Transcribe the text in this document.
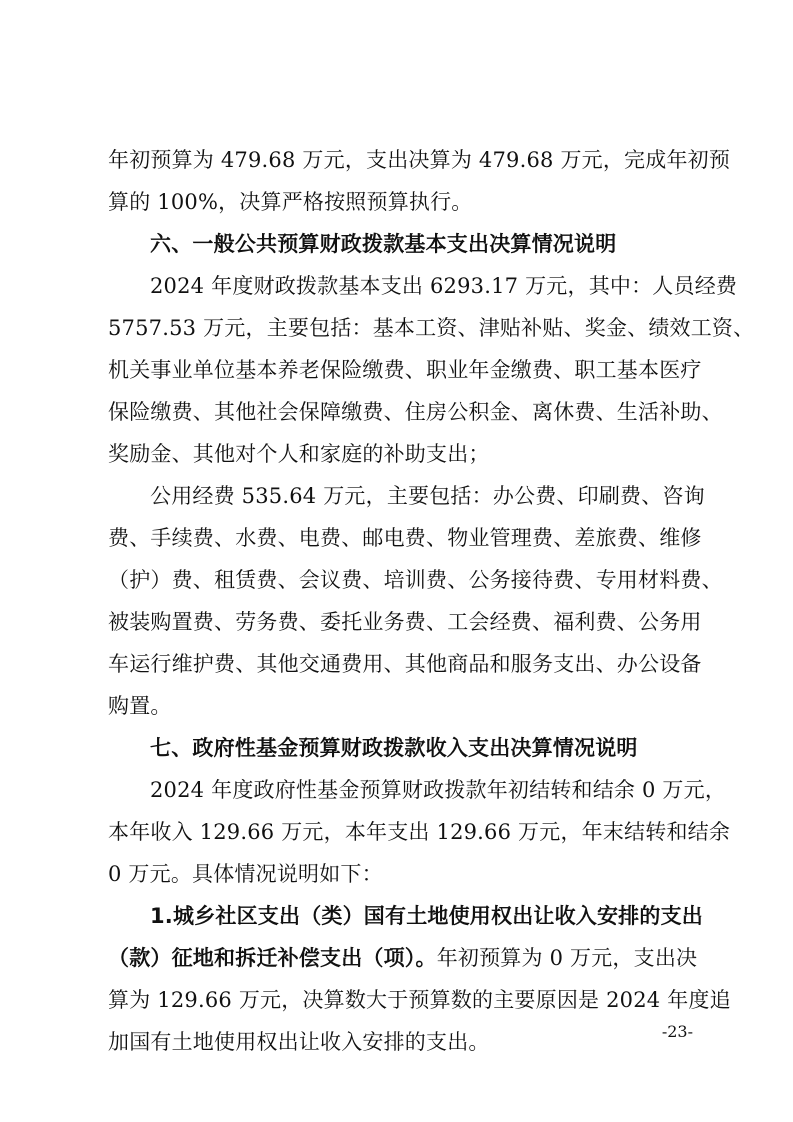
年初预算为 479.68 万元，支出决算为 479.68 万元，完成年初预
算的 100%，决算严格按照预算执行。
六、一般公共预算财政拨款基本支出决算情况说明
2024 年度财政拨款基本支出 6293.17 万元，其中：人员经费
5757.53 万元，主要包括：基本工资、津贴补贴、奖金、绩效工资、
机关事业单位基本养老保险缴费、职业年金缴费、职工基本医疗
保险缴费、其他社会保障缴费、住房公积金、离休费、生活补助、
奖励金、其他对个人和家庭的补助支出；
公用经费 535.64 万元，主要包括：办公费、印刷费、咨询
费、手续费、水费、电费、邮电费、物业管理费、差旅费、维修
（护）费、租赁费、会议费、培训费、公务接待费、专用材料费、
被装购置费、劳务费、委托业务费、工会经费、福利费、公务用
车运行维护费、其他交通费用、其他商品和服务支出、办公设备
购置。
七、政府性基金预算财政拨款收入支出决算情况说明
2024 年度政府性基金预算财政拨款年初结转和结余 0 万元，
本年收入 129.66 万元，本年支出 129.66 万元，年末结转和结余
0 万元。具体情况说明如下：
1.城乡社区支出（类）国有土地使用权出让收入安排的支出
（款）征地和拆迁补偿支出（项）。 年初预算为 0 万元，支出决
算为 129.66 万元，决算数大于预算数的主要原因是 2024 年度追
加国有土地使用权出让收入安排的支出。	-23-
